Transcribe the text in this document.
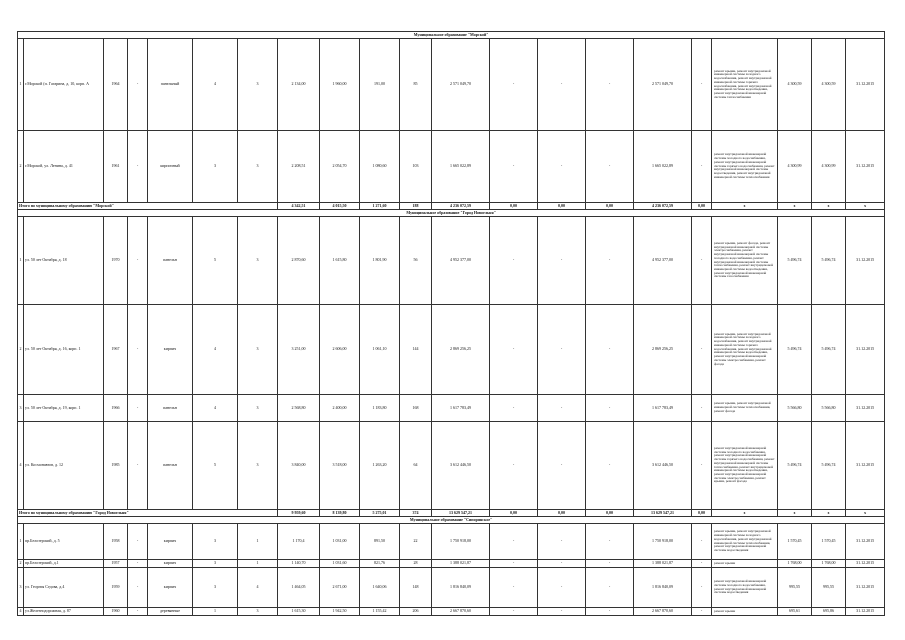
Муниципальное образование "Морской"																				
1	г.Морской (п. Гагарина, д. 10, корп. А	1964	-	панельный	4	3	2 134,00	1 960,00	191,00	85	2 571 049,70	-	-	-	2 571 049,70	-	ремонт крыши, ремонт внутридомовой инженерной системы холодного водоснабжения, ремонт внутридомовой инженерной системы горячего водоснабжения, ремонт внутридомовой инженерной системы водоотведения, ремонт внутридомовой инженерной системы теплоснабжения	4 300,59	4 300,59	31.12.2015
2	г.Морской, ул. Ленина, д. 41	1961	-	кирпичный	3	3	2 208,51	2 054,70	1 080,60	103	1 665 022,89	-	-	-	1 665 022,89	-	ремонт внутридомовой инженерной системы холодного водоснабжения, ремонт внутридомовой инженерной системы горячего водоснабжения, ремонт внутридомовой инженерной системы водоотведения, ремонт внутридомовой инженерной системы теплоснабжения	4 300,99	4 300,99	31.12.2015
Итого по муниципальному образованию "Морской"							4 342,51	4 015,50	1 271,60	188	4 236 072,59	0,00	0,00	0,00	4 236 072,59	0,00	x	x	x	x
Муниципальное образование "Город Новоельня"																				
1	ул. 50 лет Октября, д. 18	1970	-	панельн	5	3	2 870,60	1 615,80	1 801,90	56	4 952 377,00	-	-	-	4 952 377,00	-	ремонт крыши, ремонт фасада, ремонт внутридомовой инженерной системы электроснабжения, ремонт внутридомовой инженерной системы холодного водоснабжения, ремонт внутридомовой инженерной системы теплоснабжения, ремонт внутридомовой инженерной системы водоотведения, ремонт внутридомовой инженерной системы газоснабжения	5 496,74	5 496,74	31.12.2015
2	ул. 50 лет Октября, д. 16, корп. 1	1967	-	кирпич	4	3	3 251,00	2 606,00	1 061,10	144	2 869 256,25	-	-	-	2 869 256,25	-	ремонт крыши, ремонт внутридомовой инженерной системы холодного водоснабжения, ремонт внутридомовой инженерной системы горячего водоснабжения, ремонт внутридомовой инженерной системы водоотведения, ремонт внутридомовой инженерной системы электроснабжения, ремонт фасада	5 496,74	5 496,74	31.12.2015
3	ул. 50 лет Октября, д. 19, корп. 1	1966	-	панельн	4	3	2 568,80	2 400,00	1 183,80	168	1 617 783,49	-	-	-	1 617 783,49	-	ремонт крыши, ремонт внутридомовой инженерной системы теплоснабжения, ремонт фасада	5 566,80	5 566,80	31.12.2015
4	ул. Космонавтов, д. 12	1985	-	панельн	5	3	3 840,00	3 518,00	1 263,20	64	3 612 446,50	-	-	-	3 612 446,50	-	ремонт внутридомовой инженерной системы холодного водоснабжения, ремонт внутридомовой инженерной системы горячего водоснабжения, ремонт внутридомовой инженерной системы теплоснабжения, ремонт внутридомовой инженерной системы водоотведения, ремонт внутридомовой инженерной системы электроснабжения, ремонт крыши, ремонт фасада	5 496,74	5 496,74	31.12.2015
Итого по муниципальному образованию "Город Новоельня"							9 959,60	8 139,80	5 275,01	374	13 629 547,21	0,00	0,00	0,00	13 629 547,21	0,00	x	x	x	x
Муниципальное образование "Сипорянское"																				
1	пр.Белозерский, д. 5	1958	-	кирпич	3	1	1 170,4	1 031,00	891,50	22	1 750 918,00	-	-	-	1 750 918,00	-	ремонт крыши, ремонт внутридомовой инженерной системы холодного водоснабжения, ремонт внутридомовой инженерной системы теплоснабжения, ремонт внутридомовой инженерной системы водоотведения	1 570,45	1 570,45	31.12.2015
2	пр.Белозерский, д.1	1957	-	кирпич	3	1	1 140,70	1 031,60	821,76	28	1 388 021,87	-	-	-	1 388 021,87	-	ремонт крыши	1 768,00	1 768,00	31.12.2015
3	ул. Георгия Седова, д.4	1959	-	кирпич	3	4	1 464,05	2 671,00	1 640,06	148	1 816 840,09	-	-	-	1 816 840,09	-	ремонт внутридомовой инженерной системы холодного водоснабжения, ремонт внутридомовой инженерной системы водоотведения	995,55	995,55	31.12.2015
4	ул.Железнодорожная, д. 87	1960	-	деревянные	1	3	1 615,30	1 942,50	1 155,42	206	2 667 870,60	-	-	-	2 667 870,60	-	ремонт крыши	695,61	695,86	31.12.2015
